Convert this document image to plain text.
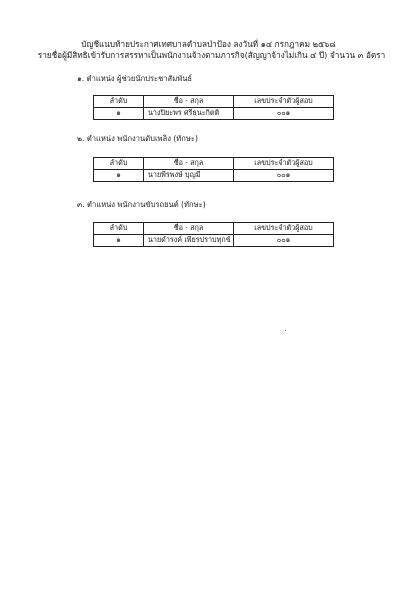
บัญชีแนบท้ายประกาศเทศบาลตำบลป่าป้อง ลงวันที่ ๑๔ กรกฎาคม ๒๕๖๘
รายชื่อผู้มีสิทธิเข้ารับการสรรหาเป็นพนักงานจ้างตามภารกิจ(สัญญาจ้างไม่เกิน ๔ ปี) จำนวน ๓ อัตรา
๑. ตำแหน่ง ผู้ช่วยนักประชาสัมพันธ์
ลำดับ	ชื่อ - สกุล	เลขประจำตัวผู้สอบ
๑	นางปิยะพร ศรีธนะกิตติ	๐๐๑
๒. ตำแหน่ง พนักงานดับเพลิง (ทักษะ)
ลำดับ	ชื่อ - สกุล	เลขประจำตัวผู้สอบ
๑	นายพีรพงษ์ บุญมี	๐๐๑
๓. ตำแหน่ง พนักงานขับรถยนต์ (ทักษะ)
ลำดับ	ชื่อ - สกุล	เลขประจำตัวผู้สอบ
๑	นายดำรงค์ เพียรปราบทุกข์	๐๐๑
